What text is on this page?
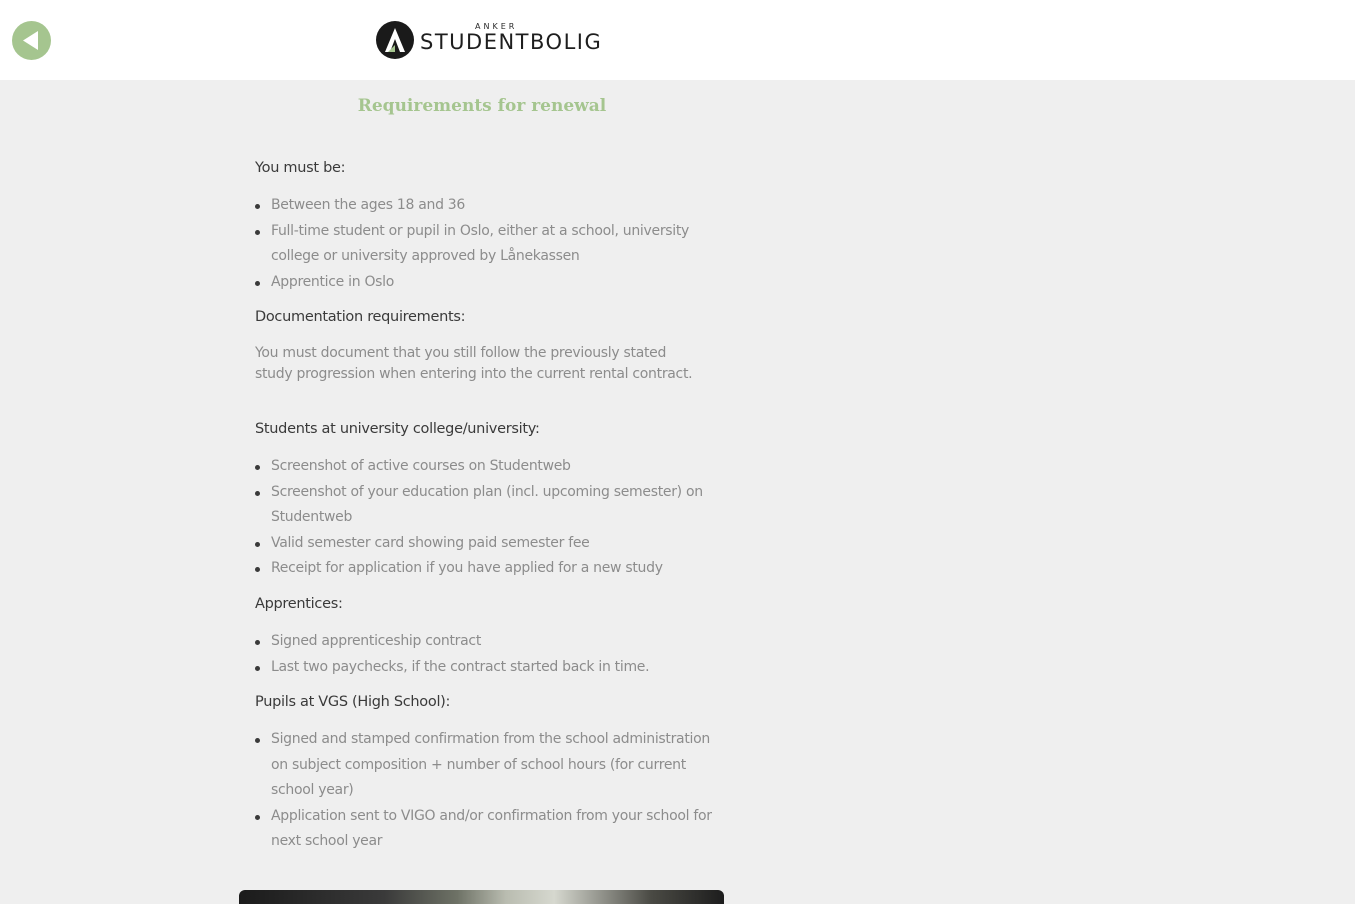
ANKER
STUDENTBOLIG
Requirements for renewal
You must be:
Between the ages 18 and 36
Full-time student or pupil in Oslo, either at a school, university college or university approved by Lånekassen
Apprentice in Oslo
Documentation requirements:

You must document that you still follow the previously stated study progression when entering into the current rental contract.

Students at university college/university:
Screenshot of active courses on Studentweb
Screenshot of your education plan (incl. upcoming semester) on Studentweb
Valid semester card showing paid semester fee
Receipt for application if you have applied for a new study
Apprentices:
Signed apprenticeship contract
Last two paychecks, if the contract started back in time.
Pupils at VGS (High School):
Signed and stamped confirmation from the school administration on subject composition + number of school hours (for current school year)
Application sent to VIGO and/or confirmation from your school for next school year
